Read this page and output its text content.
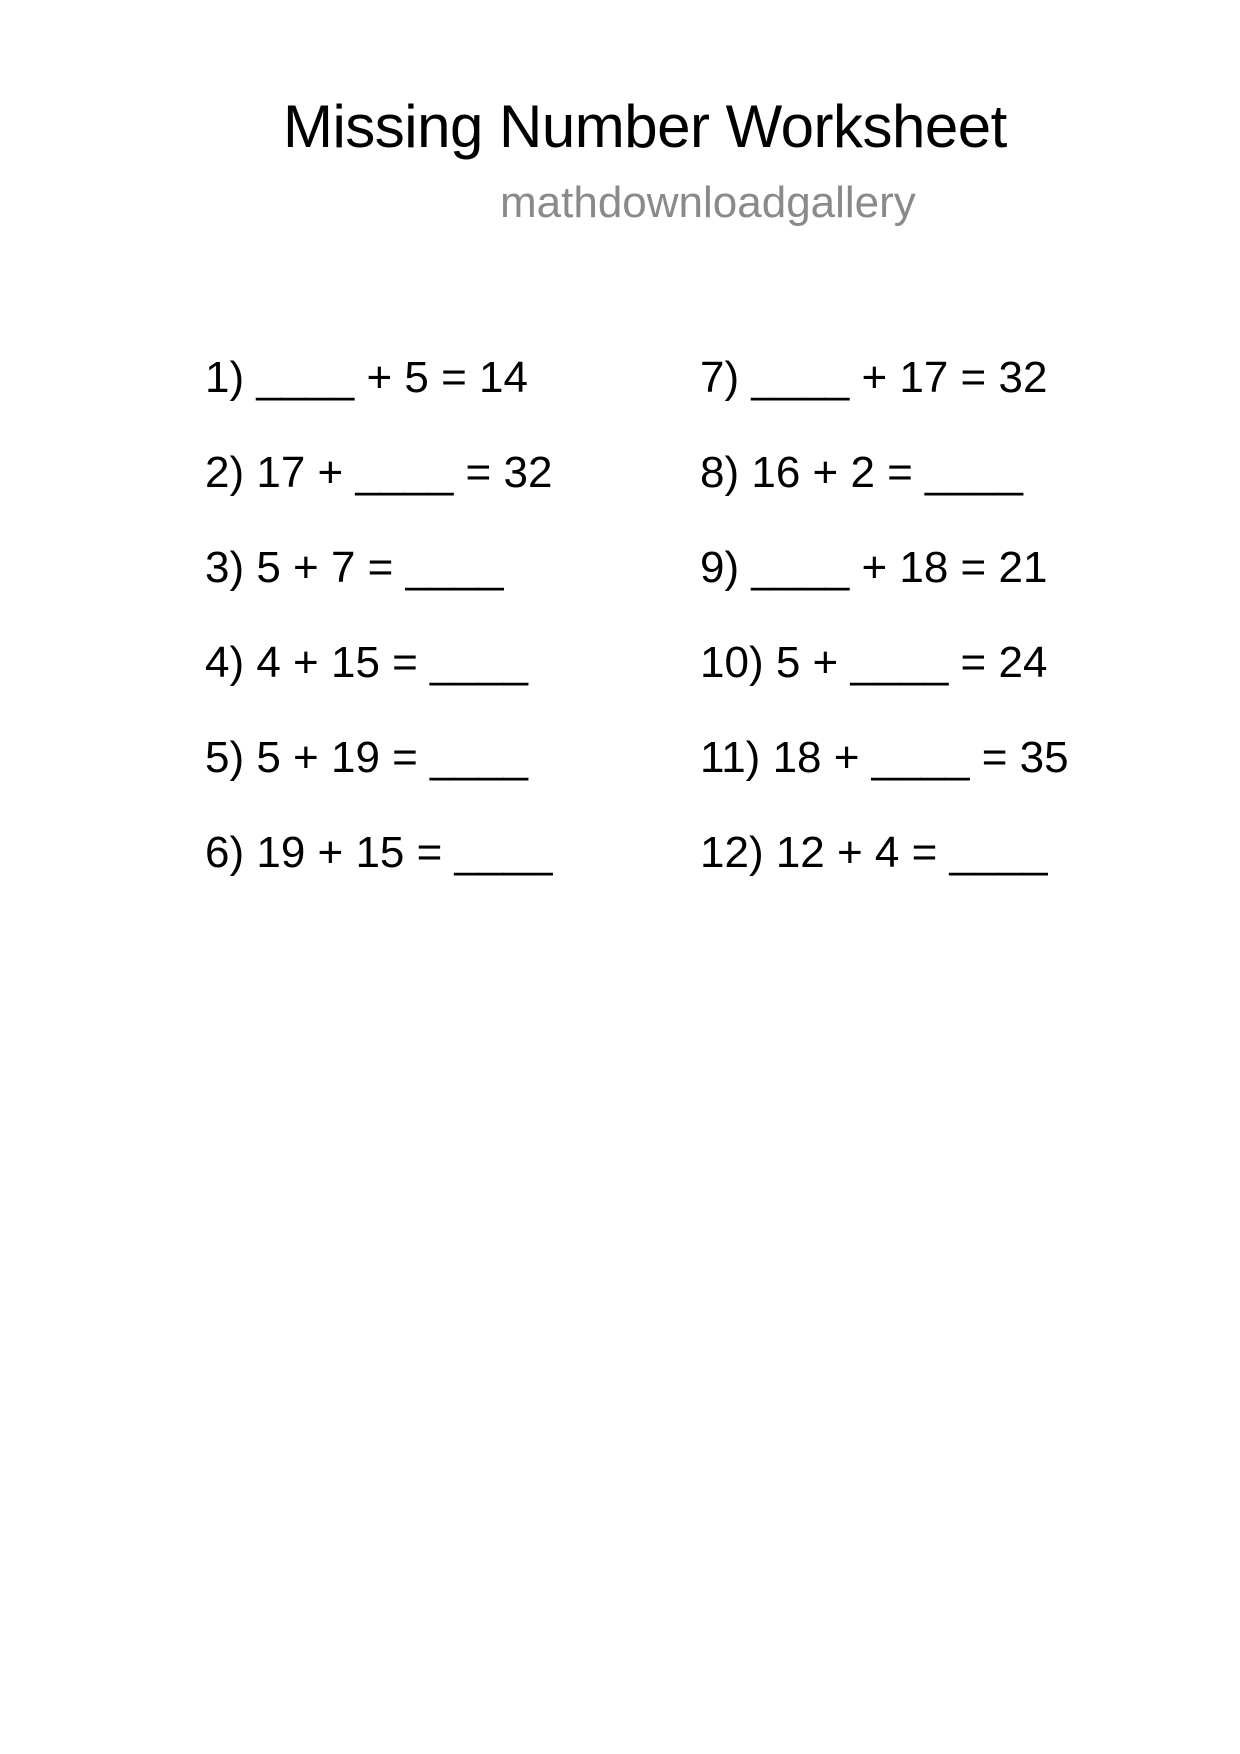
Missing Number Worksheet
mathdownloadgallery
1) ____ + 5 = 14
2) 17 + ____ = 32
3) 5 + 7 = ____
4) 4 + 15 = ____
5) 5 + 19 = ____
6) 19 + 15 = ____
7) ____ + 17 = 32
8) 16 + 2 = ____
9) ____ + 18 = 21
10) 5 + ____ = 24
11) 18 + ____ = 35
12) 12 + 4 = ____
